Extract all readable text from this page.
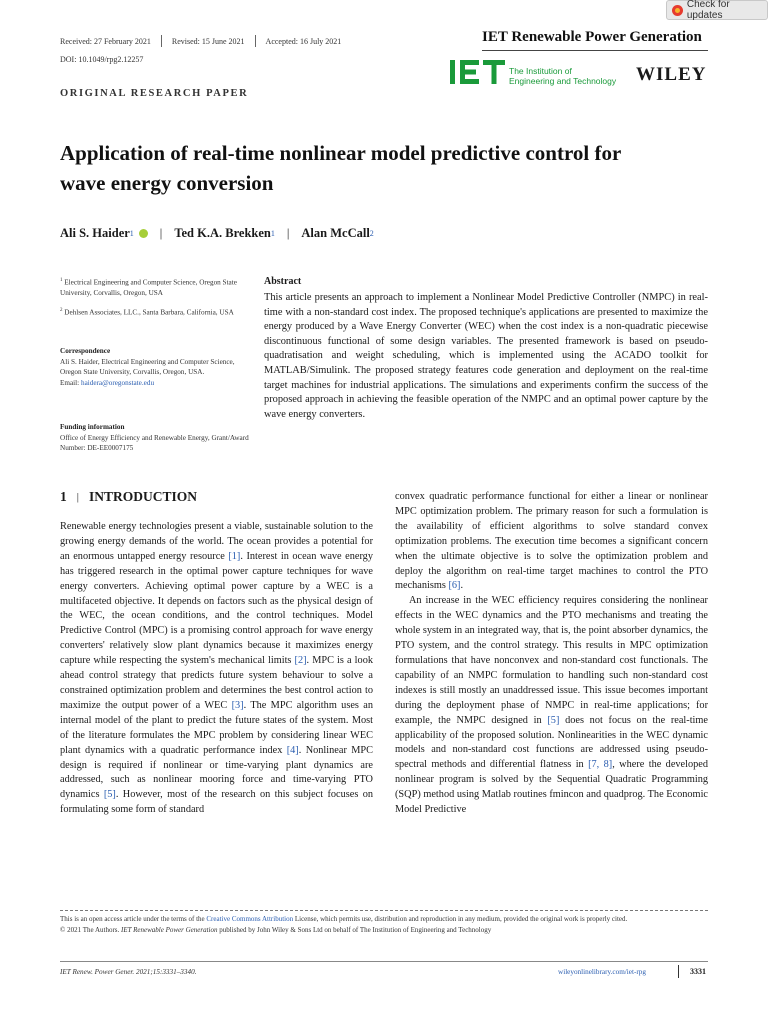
Check for updates
Received: 27 February 2021	Revised: 15 June 2021	Accepted: 16 July 2021
DOI: 10.1049/rpg2.12257
IET Renewable Power Generation
The Institution of
Engineering and Technology WILEY
ORIGINAL RESEARCH PAPER
Application of real-time nonlinear model predictive control for
wave energy conversion
Ali S. Haider 1 | Ted K.A. Brekken 1 | Alan McCall 2
$^1$ Electrical Engineering and Computer Science, Oregon State University, Corvallis, Oregon, USA
$^2$ Dehlsen Associates, LLC., Santa Barbara, California, USA
Correspondence
Ali S. Haider, Electrical Engineering and Computer Science, Oregon State University, Corvallis, Oregon, USA.
Email: haidera@oregonstate.edu
Funding information
Office of Energy Efficiency and Renewable Energy, Grant/Award Number: DE-EE0007175
Abstract
This article presents an approach to implement a Nonlinear Model Predictive Controller (NMPC) in real-time with a non-standard cost index. The proposed technique's applications are presented to maximize the energy produced by a Wave Energy Converter (WEC) when the cost index is a non-quadratic piecewise discontinuous functional of some design variables. The presented framework is based on pseudo-quadratisation and weight scheduling, which is implemented using the ACADO toolkit for MATLAB/Simulink. The proposed strategy features code generation and deployment on the real-time target machines for industrial applications. The simulations and experiments confirm the success of the proposed approach in achieving the feasible operation of the NMPC and an optimal power capture by the wave energy converters.
1 | INTRODUCTION

Renewable energy technologies present a viable, sustainable solution to the growing energy demands of the world. The ocean provides a potential for an enormous untapped energy resource [1]. Interest in ocean wave energy has triggered research in the optimal power capture techniques for wave energy converters. Achieving optimal power capture by a WEC is a multifaceted objective. It depends on factors such as the physical design of the WEC, the ocean conditions, and the control techniques. Model Predictive Control (MPC) is a promising control approach for wave energy converters' relatively slow plant dynamics because it maximizes energy capture while respecting the system's mechanical limits [2]. MPC is a look ahead control strategy that predicts future system behaviour to solve a constrained optimization problem and determines the best control action to maximize the output power of a WEC [3]. The MPC algorithm uses an internal model of the plant to predict the future states of the system. Most of the literature formulates the MPC problem by considering linear WEC plant dynamics with a quadratic performance index [4]. Nonlinear MPC design is required if nonlinear or time-varying plant dynamics are addressed, such as nonlinear mooring force and time-varying PTO dynamics [5]. However, most of the research on this subject focuses on formulating some form of standard

convex quadratic performance functional for either a linear or nonlinear MPC optimization problem. The primary reason for such a formulation is the availability of efficient algorithms to solve standard convex optimization problems. The execution time becomes a significant concern when the ultimate objective is to solve the optimization problem and deploy the algorithm on real-time target machines to control the PTO mechanisms [6].

An increase in the WEC efficiency requires considering the nonlinear effects in the WEC dynamics and the PTO mechanisms and treating the whole system in an integrated way, that is, the point absorber dynamics, the PTO system, and the control strategy. This results in MPC optimization formulations that have nonconvex and non-standard cost functionals. The capability of an NMPC formulation to handling such non-standard cost indexes is still mostly an unaddressed issue. This issue becomes important during the deployment phase of NMPC in real-time applications; for example, the NMPC designed in [5] does not focus on the real-time applicability of the proposed solution. Nonlinearities in the WEC dynamic models and non-standard cost functions are addressed using pseudo-spectral methods and differential flatness in [7, 8], where the developed nonlinear program is solved by the Sequential Quadratic Programming (SQP) method using Matlab routines fmincon and quadprog. The Economic Model Predictive

This is an open access article under the terms of the Creative Commons Attribution License, which permits use, distribution and reproduction in any medium, provided the original work is properly cited.
© 2021 The Authors. IET Renewable Power Generation published by John Wiley & Sons Ltd on behalf of The Institution of Engineering and Technology
IET Renew. Power Gener. 2021;15:3331–3340.	wileyonlinelibrary.com/iet-rpg	3331
